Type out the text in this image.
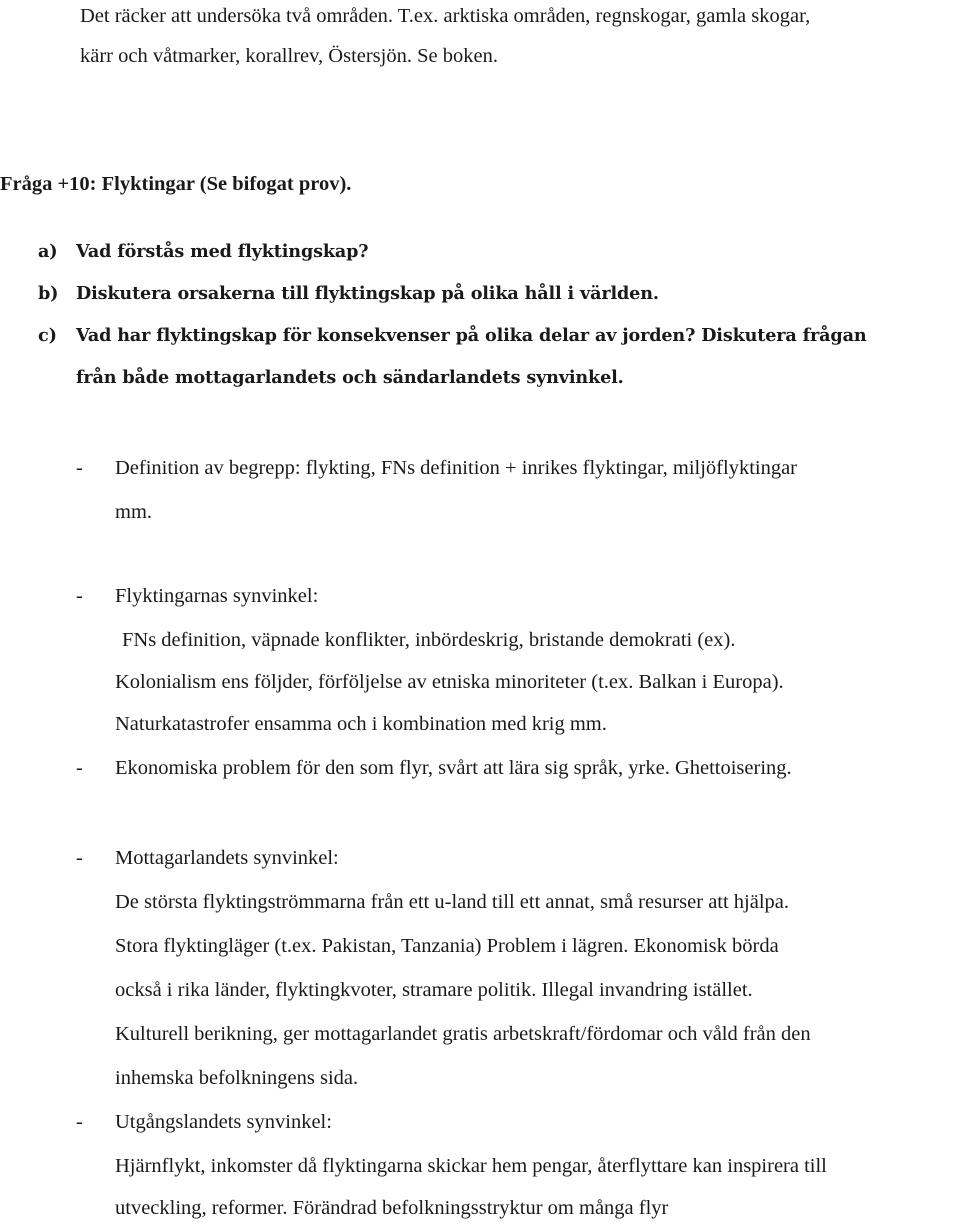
Det räcker att undersöka två områden. T.ex. arktiska områden, regnskogar, gamla skogar,
kärr och våtmarker, korallrev, Östersjön. Se boken.
Fråga +10: Flyktingar (Se bifogat prov).
a) Vad förstås med flyktingskap?
b) Diskutera orsakerna till flyktingskap på olika håll i världen.
c) Vad har flyktingskap för konsekvenser på olika delar av jorden? Diskutera frågan
från både mottagarlandets och sändarlandets synvinkel.
- Definition av begrepp: flykting, FNs definition + inrikes flyktingar, miljöflyktingar
mm.
- Flyktingarnas synvinkel:
FNs definition, väpnade konflikter, inbördeskrig, bristande demokrati (ex).
Kolonialism ens följder, förföljelse av etniska minoriteter (t.ex. Balkan i Europa).
Naturkatastrofer ensamma och i kombination med krig mm.
- Ekonomiska problem för den som flyr, svårt att lära sig språk, yrke. Ghettoisering.
- Mottagarlandets synvinkel:
De största flyktingströmmarna från ett u-land till ett annat, små resurser att hjälpa.
Stora flyktingläger (t.ex. Pakistan, Tanzania) Problem i lägren. Ekonomisk börda
också i rika länder, flyktingkvoter, stramare politik. Illegal invandring istället.
Kulturell berikning, ger mottagarlandet gratis arbetskraft/fördomar och våld från den
inhemska befolkningens sida.
- Utgångslandets synvinkel:
Hjärnflykt, inkomster då flyktingarna skickar hem pengar, återflyttare kan inspirera till
utveckling, reformer. Förändrad befolkningsstryktur om många flyr
